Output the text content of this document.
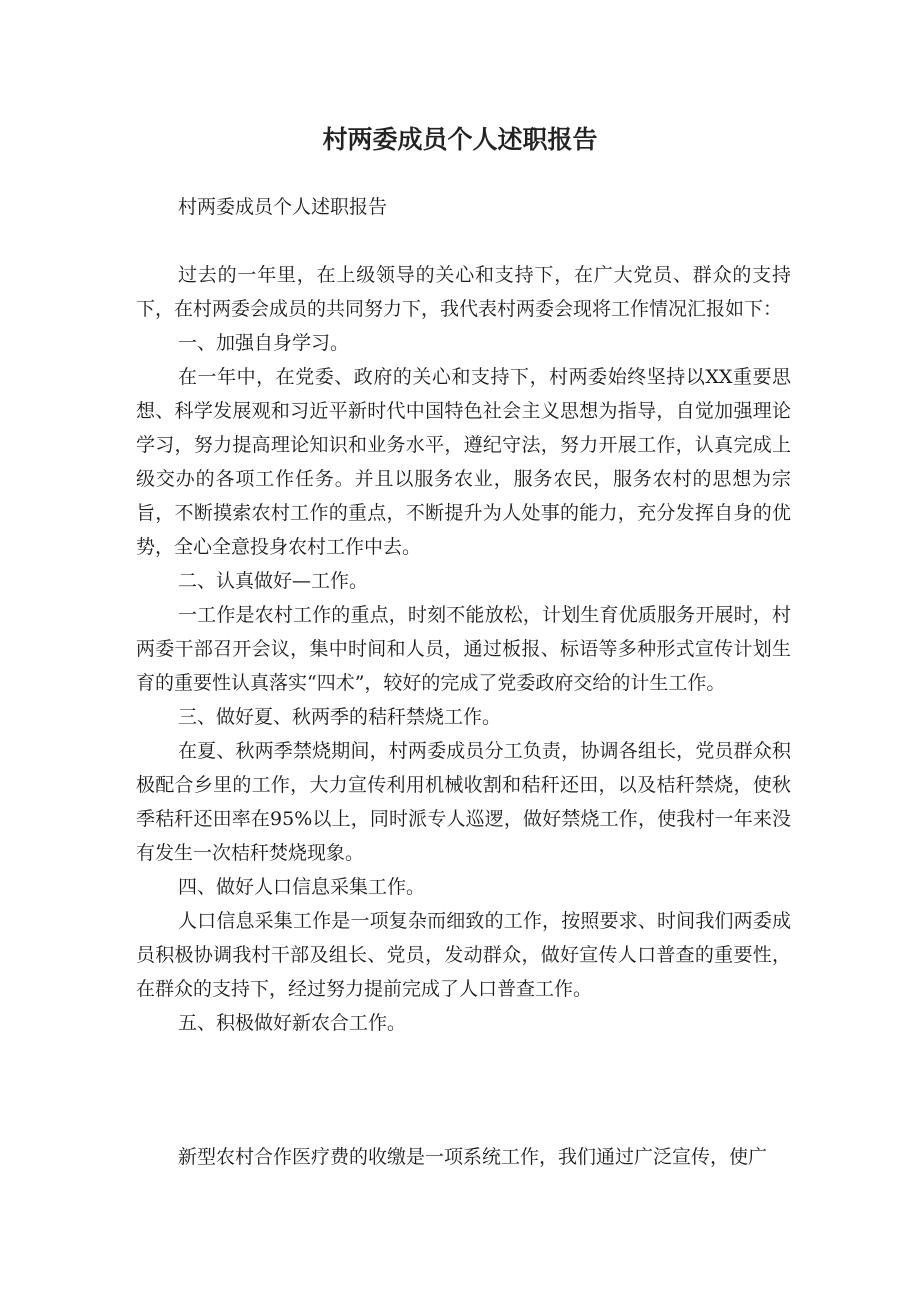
村两委成员个人述职报告
村两委成员个人述职报告

过去的一年里，在上级领导的关心和支持下，在广大党员、群众的支持下，在村两委会成员的共同努力下，我代表村两委会现将工作情况汇报如下：

一、加强自身学习。

在一年中，在党委、政府的关心和支持下，村两委始终坚持以XX重要思想、科学发展观和习近平新时代中国特色社会主义思想为指导，自觉加强理论学习，努力提高理论知识和业务水平，遵纪守法，努力开展工作，认真完成上级交办的各项工作任务。并且以服务农业，服务农民，服务农村的思想为宗旨，不断摸索农村工作的重点，不断提升为人处事的能力，充分发挥自身的优势，全心全意投身农村工作中去。

二、认真做好—工作。

一工作是农村工作的重点，时刻不能放松，计划生育优质服务开展时，村两委干部召开会议，集中时间和人员，通过板报、标语等多种形式宣传计划生育的重要性认真落实“四术”，较好的完成了党委政府交给的计生工作。

三、做好夏、秋两季的秸秆禁烧工作。

在夏、秋两季禁烧期间，村两委成员分工负责，协调各组长，党员群众积极配合乡里的工作，大力宣传利用机械收割和秸秆还田，以及桔秆禁烧，使秋季秸秆还田率在95%以上，同时派专人巡逻，做好禁烧工作，使我村一年来没有发生一次桔秆焚烧现象。

四、做好人口信息采集工作。

人口信息采集工作是一项复杂而细致的工作，按照要求、时间我们两委成员积极协调我村干部及组长、党员，发动群众，做好宣传人口普查的重要性，在群众的支持下，经过努力提前完成了人口普查工作。

五、积极做好新农合工作。

新型农村合作医疗费的收缴是一项系统工作，我们通过广泛宣传，使广
